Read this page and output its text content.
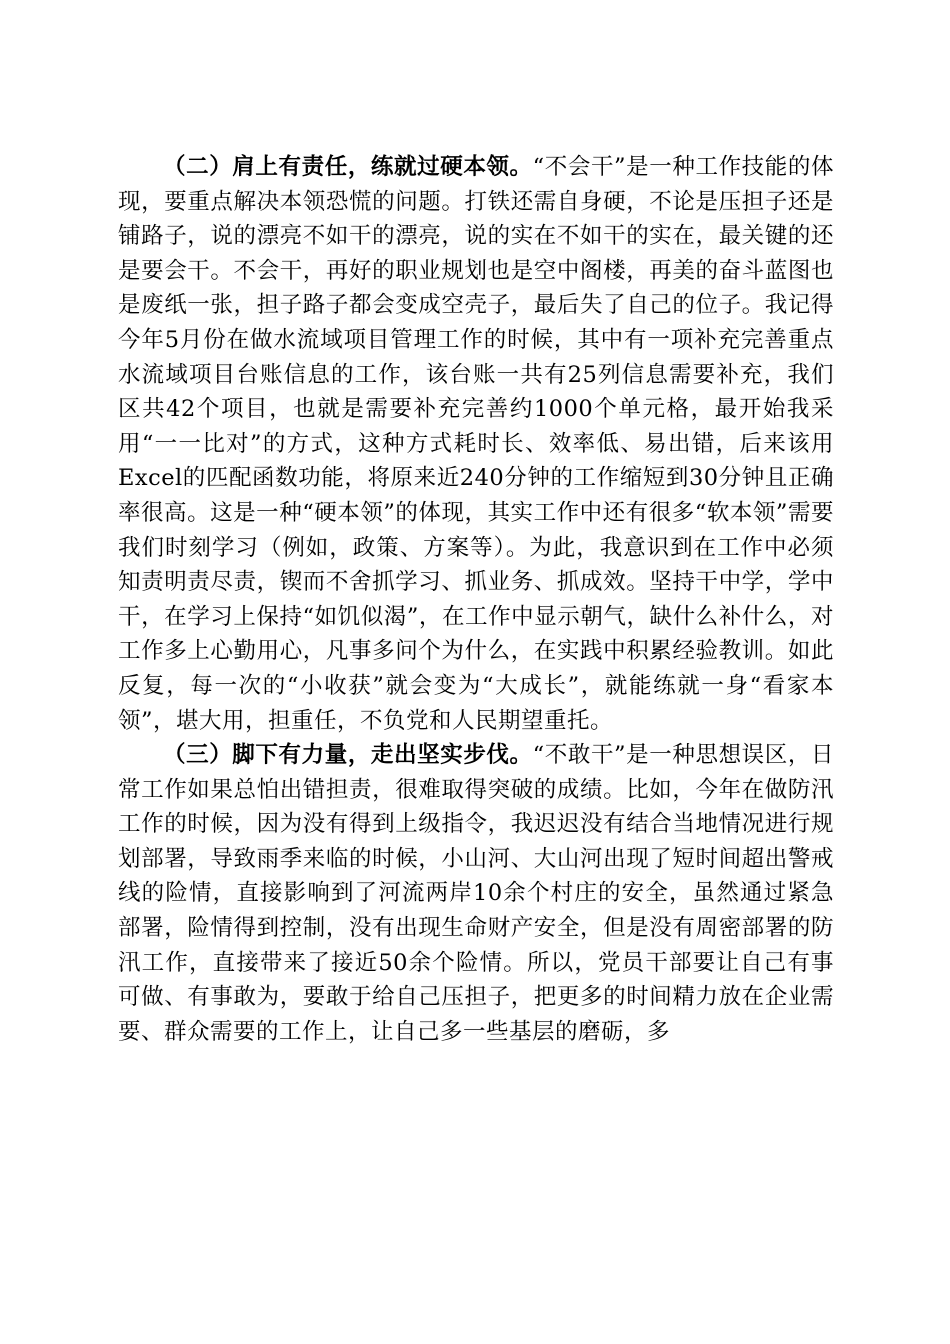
（二）肩上有责任，练就过硬本领。“不会干”是一种工作技能的体现，要重点解决本领恐慌的问题。打铁还需自身硬，不论是压担子还是铺路子，说的漂亮不如干的漂亮，说的实在不如干的实在，最关键的还是要会干。不会干，再好的职业规划也是空中阁楼，再美的奋斗蓝图也是废纸一张，担子路子都会变成空壳子，最后失了自己的位子。我记得今年5月份在做水流域项目管理工作的时候，其中有一项补充完善重点水流域项目台账信息的工作，该台账一共有25列信息需要补充，我们区共42个项目，也就是需要补充完善约1000个单元格，最开始我采用“一一比对”的方式，这种方式耗时长、效率低、易出错，后来该用Excel的匹配函数功能，将原来近240分钟的工作缩短到30分钟且正确率很高。这是一种“硬本领”的体现，其实工作中还有很多“软本领”需要我们时刻学习（例如，政策、方案等）。为此，我意识到在工作中必须知责明责尽责，锲而不舍抓学习、抓业务、抓成效。坚持干中学，学中干，在学习上保持“如饥似渴”，在工作中显示朝气，缺什么补什么，对工作多上心勤用心，凡事多问个为什么，在实践中积累经验教训。如此反复，每一次的“小收获”就会变为“大成长”，就能练就一身“看家本领”，堪大用，担重任，不负党和人民期望重托。

（三）脚下有力量，走出坚实步伐。“不敢干”是一种思想误区，日常工作如果总怕出错担责，很难取得突破的成绩。比如，今年在做防汛工作的时候，因为没有得到上级指令，我迟迟没有结合当地情况进行规划部署，导致雨季来临的时候，小山河、大山河出现了短时间超出警戒线的险情，直接影响到了河流两岸10余个村庄的安全，虽然通过紧急部署，险情得到控制，没有出现生命财产安全，但是没有周密部署的防汛工作，直接带来了接近50余个险情。所以，党员干部要让自己有事可做、有事敢为，要敢于给自己压担子，把更多的时间精力放在企业需要、群众需要的工作上，让自己多一些基层的磨砺，多
